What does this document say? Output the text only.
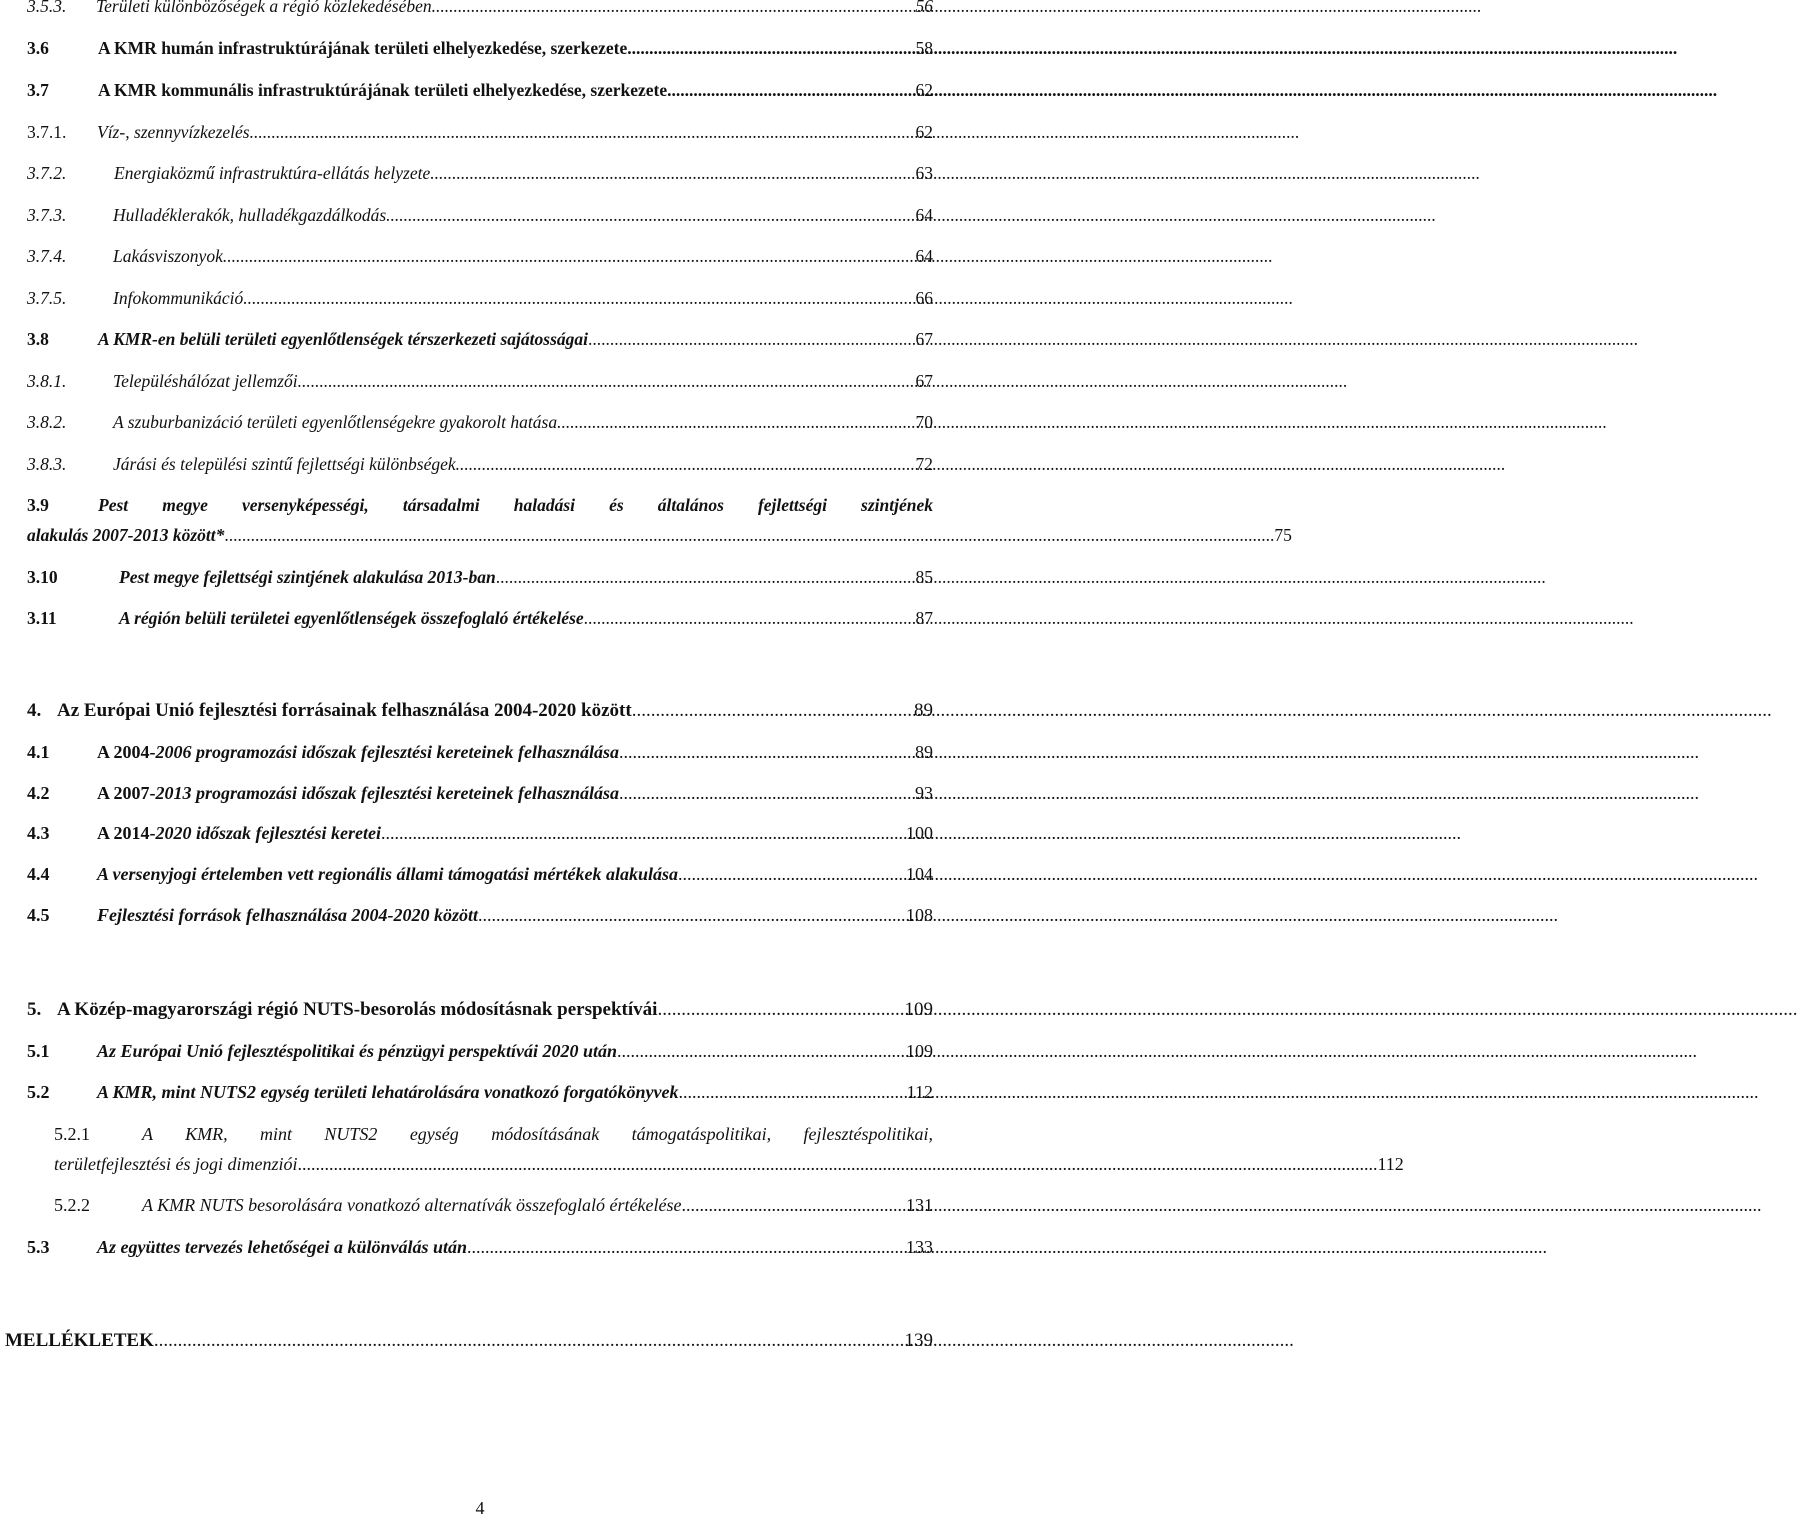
3.5.3.	Területi különbözőségek a régió közlekedésében .....	56
3.6	A KMR humán infrastruktúrájának területi elhelyezkedése, szerkezete .....	58
3.7	A KMR kommunális infrastruktúrájának területi elhelyezkedése, szerkezete .....	62
3.7.1.	Víz-, szennyvízkezelés .....	62
3.7.2.	Energiaközmű infrastruktúra-ellátás helyzete .....	63
3.7.3.	Hulladéklerakók, hulladékgazdálkodás .....	64
3.7.4.	Lakásviszonyok .....	64
3.7.5.	Infokommunikáció .....	66
3.8	A KMR-en belüli területi egyenlőtlenségek térszerkezeti sajátosságai .....	67
3.8.1.	Településhálózat jellemzői .....	67
3.8.2.	A szuburbanizáció területi egyenlőtlenségekre gyakorolt hatása .....	70
3.8.3.	Járási és települési szintű fejlettségi különbségek .....	72
3.9	Pest megye versenyképességi, társadalmi haladási és általános fejlettségi szintjének
alakulás 2007-2013 között* .....	75
3.10	Pest megye fejlettségi szintjének alakulása 2013-ban .....	85
3.11	A régión belüli területei egyenlőtlenségek összefoglaló értékelése .....	87
4. Az Európai Unió fejlesztési forrásainak felhasználása 2004-2020 között .....	89
4.1	A 2004-2006 programozási időszak fejlesztési kereteinek felhasználása .....	89
4.2	A 2007-2013 programozási időszak fejlesztési kereteinek felhasználása .....	93
4.3	A 2014-2020 időszak fejlesztési keretei .....	100
4.4	A versenyjogi értelemben vett regionális állami támogatási mértékek alakulása .....	104
4.5	Fejlesztési források felhasználása 2004-2020 között .....	108
5. A Közép-magyarországi régió NUTS-besorolás módosításnak perspektívái .....	109
5.1	Az Európai Unió fejlesztéspolitikai és pénzügyi perspektívái 2020 után .....	109
5.2	A KMR, mint NUTS2 egység területi lehatárolására vonatkozó forgatókönyvek .....	112
5.2.1	A KMR, mint NUTS2 egység módosításának támogatáspolitikai, fejlesztéspolitikai,
területfejlesztési és jogi dimenziói .....	112
5.2.2	A KMR NUTS besorolására vonatkozó alternatívák összefoglaló értékelése .....	131
5.3	Az együttes tervezés lehetőségei a különválás után .....	133
MELLÉKLETEK .....	139
4
